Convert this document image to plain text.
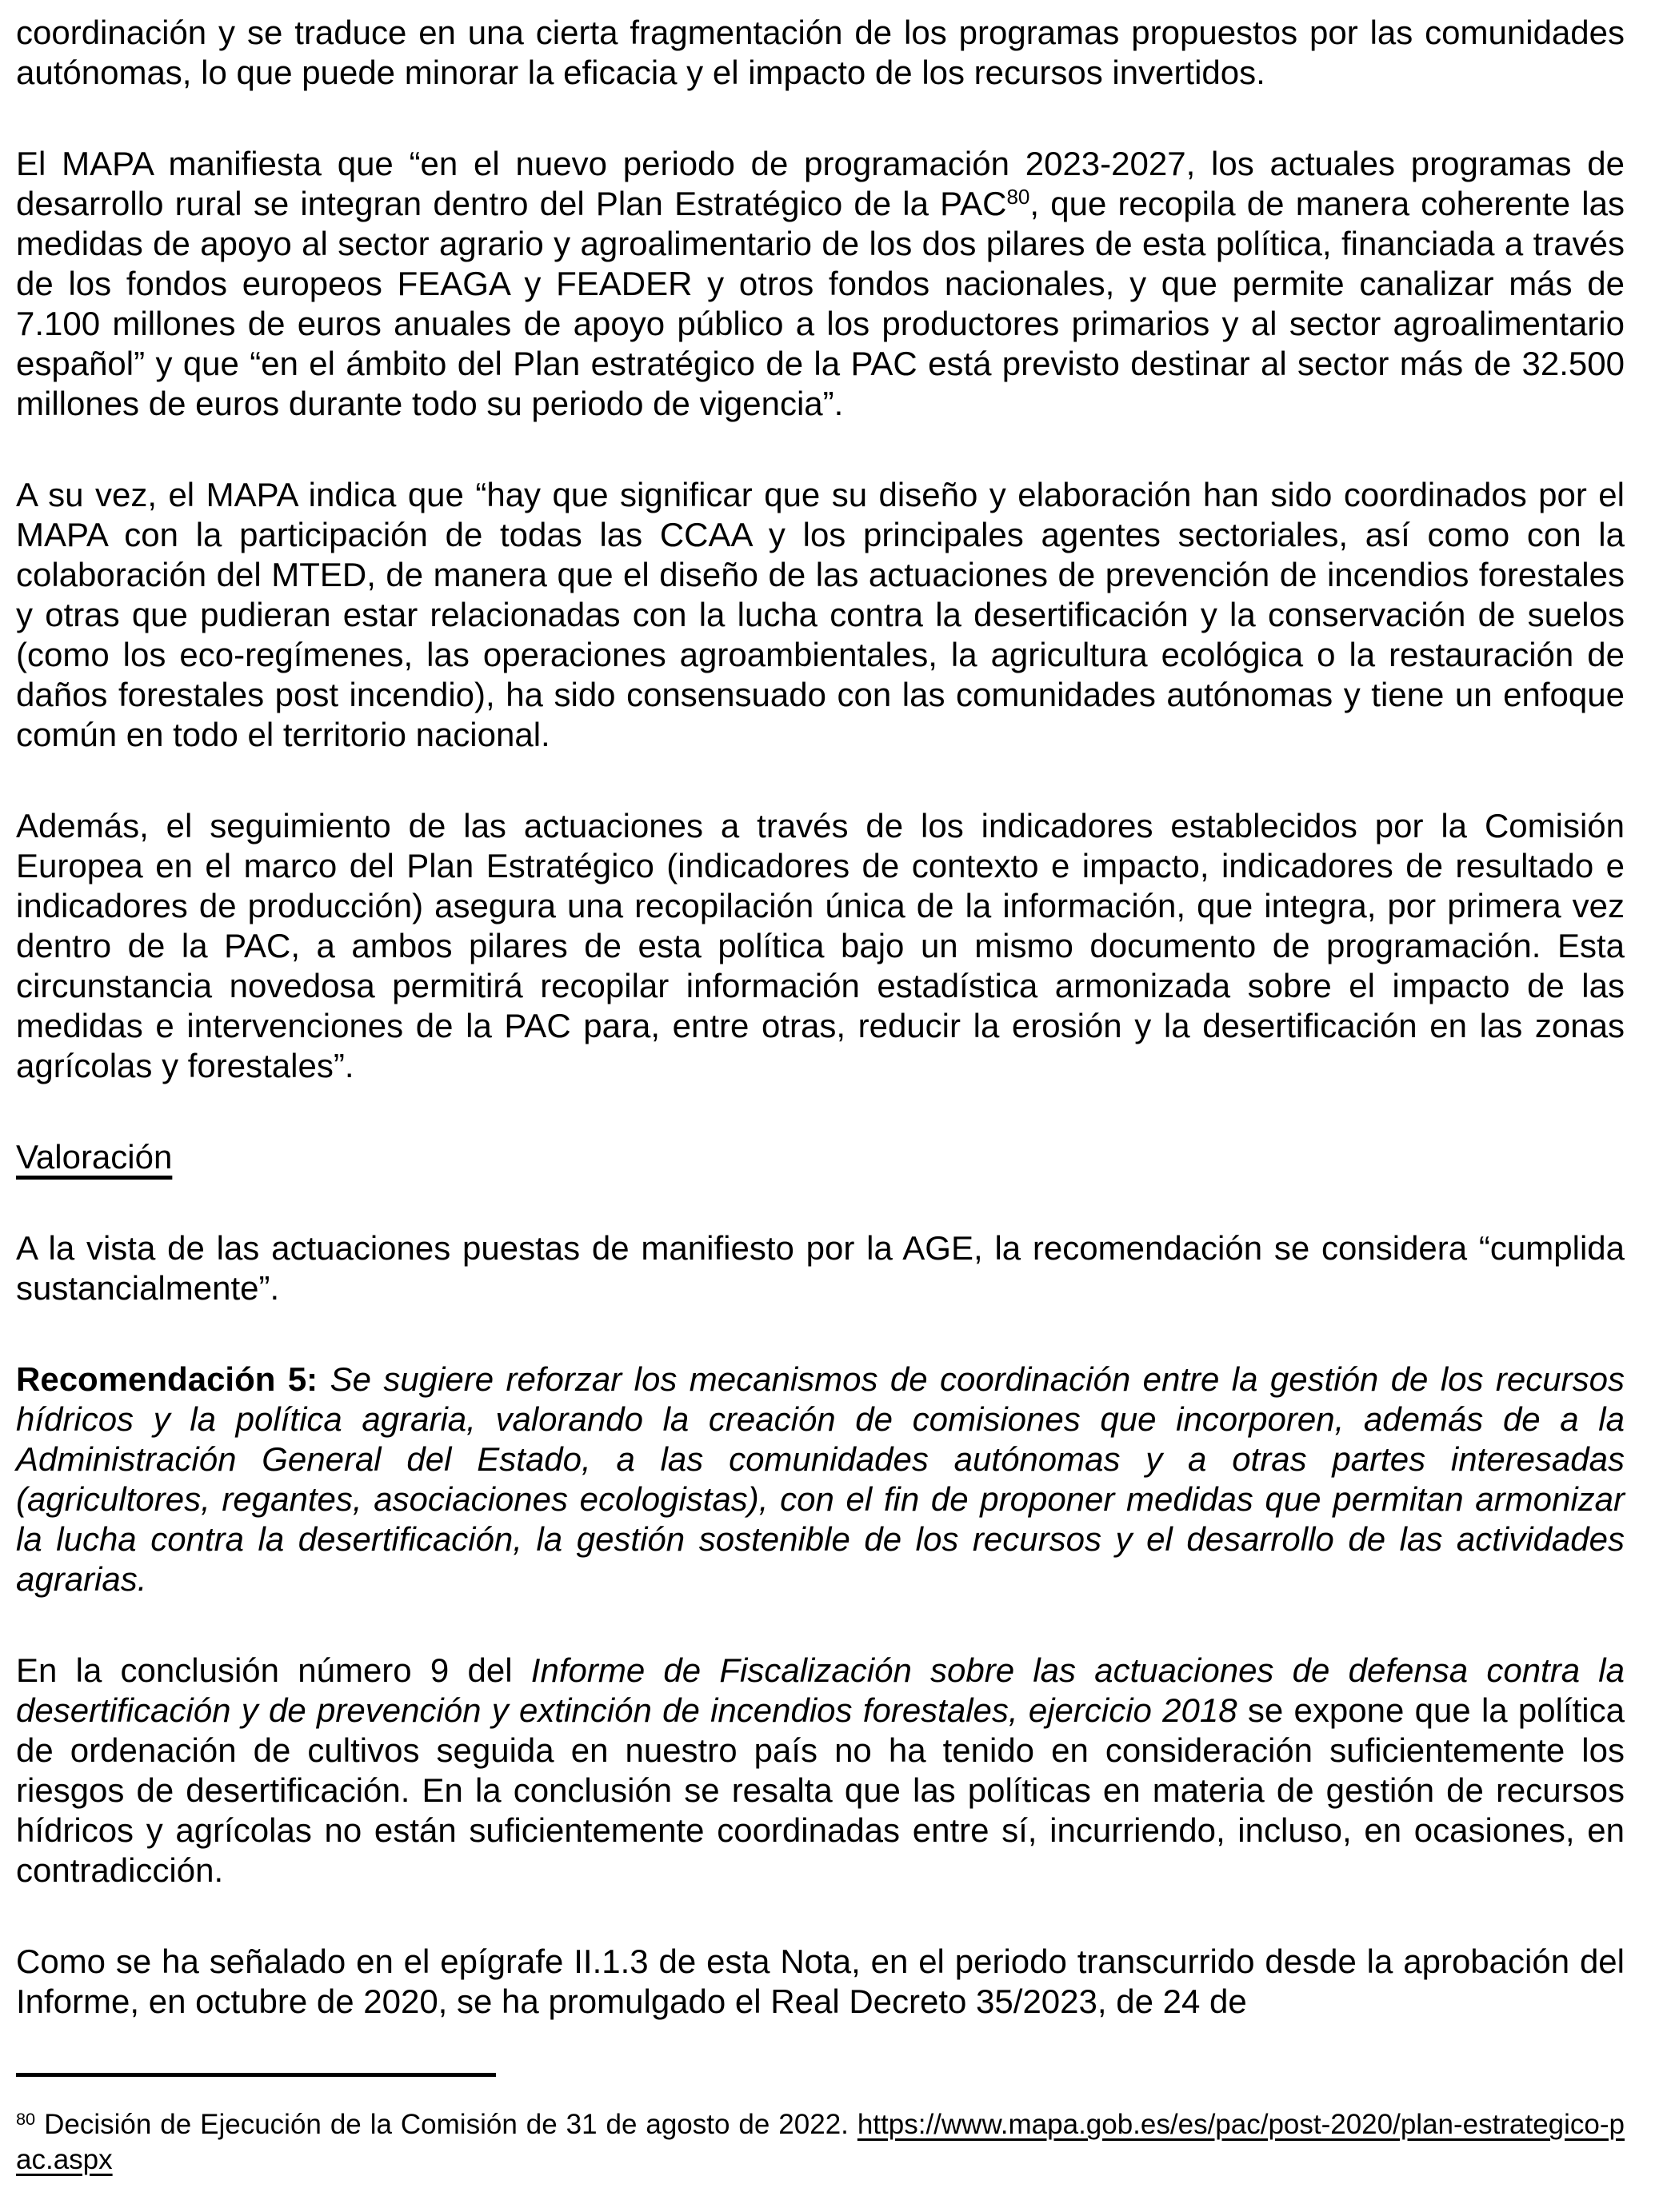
coordinación y se traduce en una cierta fragmentación de los programas propuestos por las comunidades autónomas, lo que puede minorar la eficacia y el impacto de los recursos invertidos.

El MAPA manifiesta que “en el nuevo periodo de programación 2023-2027, los actuales programas de desarrollo rural se integran dentro del Plan Estratégico de la PAC$^{80}$, que recopila de manera coherente las medidas de apoyo al sector agrario y agroalimentario de los dos pilares de esta política, financiada a través de los fondos europeos FEAGA y FEADER y otros fondos nacionales, y que permite canalizar más de 7.100 millones de euros anuales de apoyo público a los productores primarios y al sector agroalimentario español” y que “en el ámbito del Plan estratégico de la PAC está previsto destinar al sector más de 32.500 millones de euros durante todo su periodo de vigencia”.

A su vez, el MAPA indica que “hay que significar que su diseño y elaboración han sido coordinados por el MAPA con la participación de todas las CCAA y los principales agentes sectoriales, así como con la colaboración del MTED, de manera que el diseño de las actuaciones de prevención de incendios forestales y otras que pudieran estar relacionadas con la lucha contra la desertificación y la conservación de suelos (como los eco-regímenes, las operaciones agroambientales, la agricultura ecológica o la restauración de daños forestales post incendio), ha sido consensuado con las comunidades autónomas y tiene un enfoque común en todo el territorio nacional.

Además, el seguimiento de las actuaciones a través de los indicadores establecidos por la Comisión Europea en el marco del Plan Estratégico (indicadores de contexto e impacto, indicadores de resultado e indicadores de producción) asegura una recopilación única de la información, que integra, por primera vez dentro de la PAC, a ambos pilares de esta política bajo un mismo documento de programación. Esta circunstancia novedosa permitirá recopilar información estadística armonizada sobre el impacto de las medidas e intervenciones de la PAC para, entre otras, reducir la erosión y la desertificación en las zonas agrícolas y forestales”.

Valoración

A la vista de las actuaciones puestas de manifiesto por la AGE, la recomendación se considera “cumplida sustancialmente”.

Recomendación 5: Se sugiere reforzar los mecanismos de coordinación entre la gestión de los recursos hídricos y la política agraria, valorando la creación de comisiones que incorporen, además de a la Administración General del Estado, a las comunidades autónomas y a otras partes interesadas (agricultores, regantes, asociaciones ecologistas), con el fin de proponer medidas que permitan armonizar la lucha contra la desertificación, la gestión sostenible de los recursos y el desarrollo de las actividades agrarias.

En la conclusión número 9 del Informe de Fiscalización sobre las actuaciones de defensa contra la desertificación y de prevención y extinción de incendios forestales, ejercicio 2018 se expone que la política de ordenación de cultivos seguida en nuestro país no ha tenido en consideración suficientemente los riesgos de desertificación. En la conclusión se resalta que las políticas en materia de gestión de recursos hídricos y agrícolas no están suficientemente coordinadas entre sí, incurriendo, incluso, en ocasiones, en contradicción.

Como se ha señalado en el epígrafe II.1.3 de esta Nota, en el periodo transcurrido desde la aprobación del Informe, en octubre de 2020, se ha promulgado el Real Decreto 35/2023, de 24 de

$^{80}$ Decisión de Ejecución de la Comisión de 31 de agosto de 2022. https://www.mapa.gob.es/es/pac/post-2020/plan-estrategico-pac.aspx
